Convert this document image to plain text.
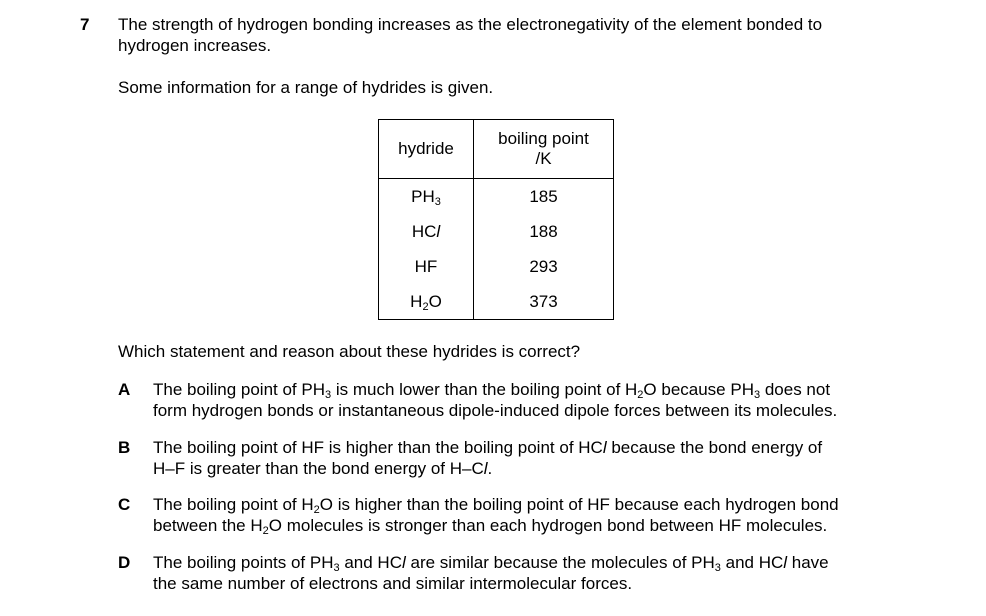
7 The strength of hydrogen bonding increases as the electronegativity of the element bonded to
hydrogen increases.
Some information for a range of hydrides is given.
hydride	boiling point
/K

$PH_3$	185
HCl	188
HF	293
$H_2O$	373
Which statement and reason about these hydrides is correct?
A The boiling point of $PH_3$ is much lower than the boiling point of $H_2O$ because $PH_3$ does not
form hydrogen bonds or instantaneous dipole-induced dipole forces between its molecules.
B The boiling point of HF is higher than the boiling point of HCl because the bond energy of
H–F is greater than the bond energy of H–Cl.
C The boiling point of $H_2O$ is higher than the boiling point of HF because each hydrogen bond
between the $H_2O$ molecules is stronger than each hydrogen bond between HF molecules.
D The boiling points of $PH_3$ and HCl are similar because the molecules of $PH_3$ and HCl have
the same number of electrons and similar intermolecular forces.
